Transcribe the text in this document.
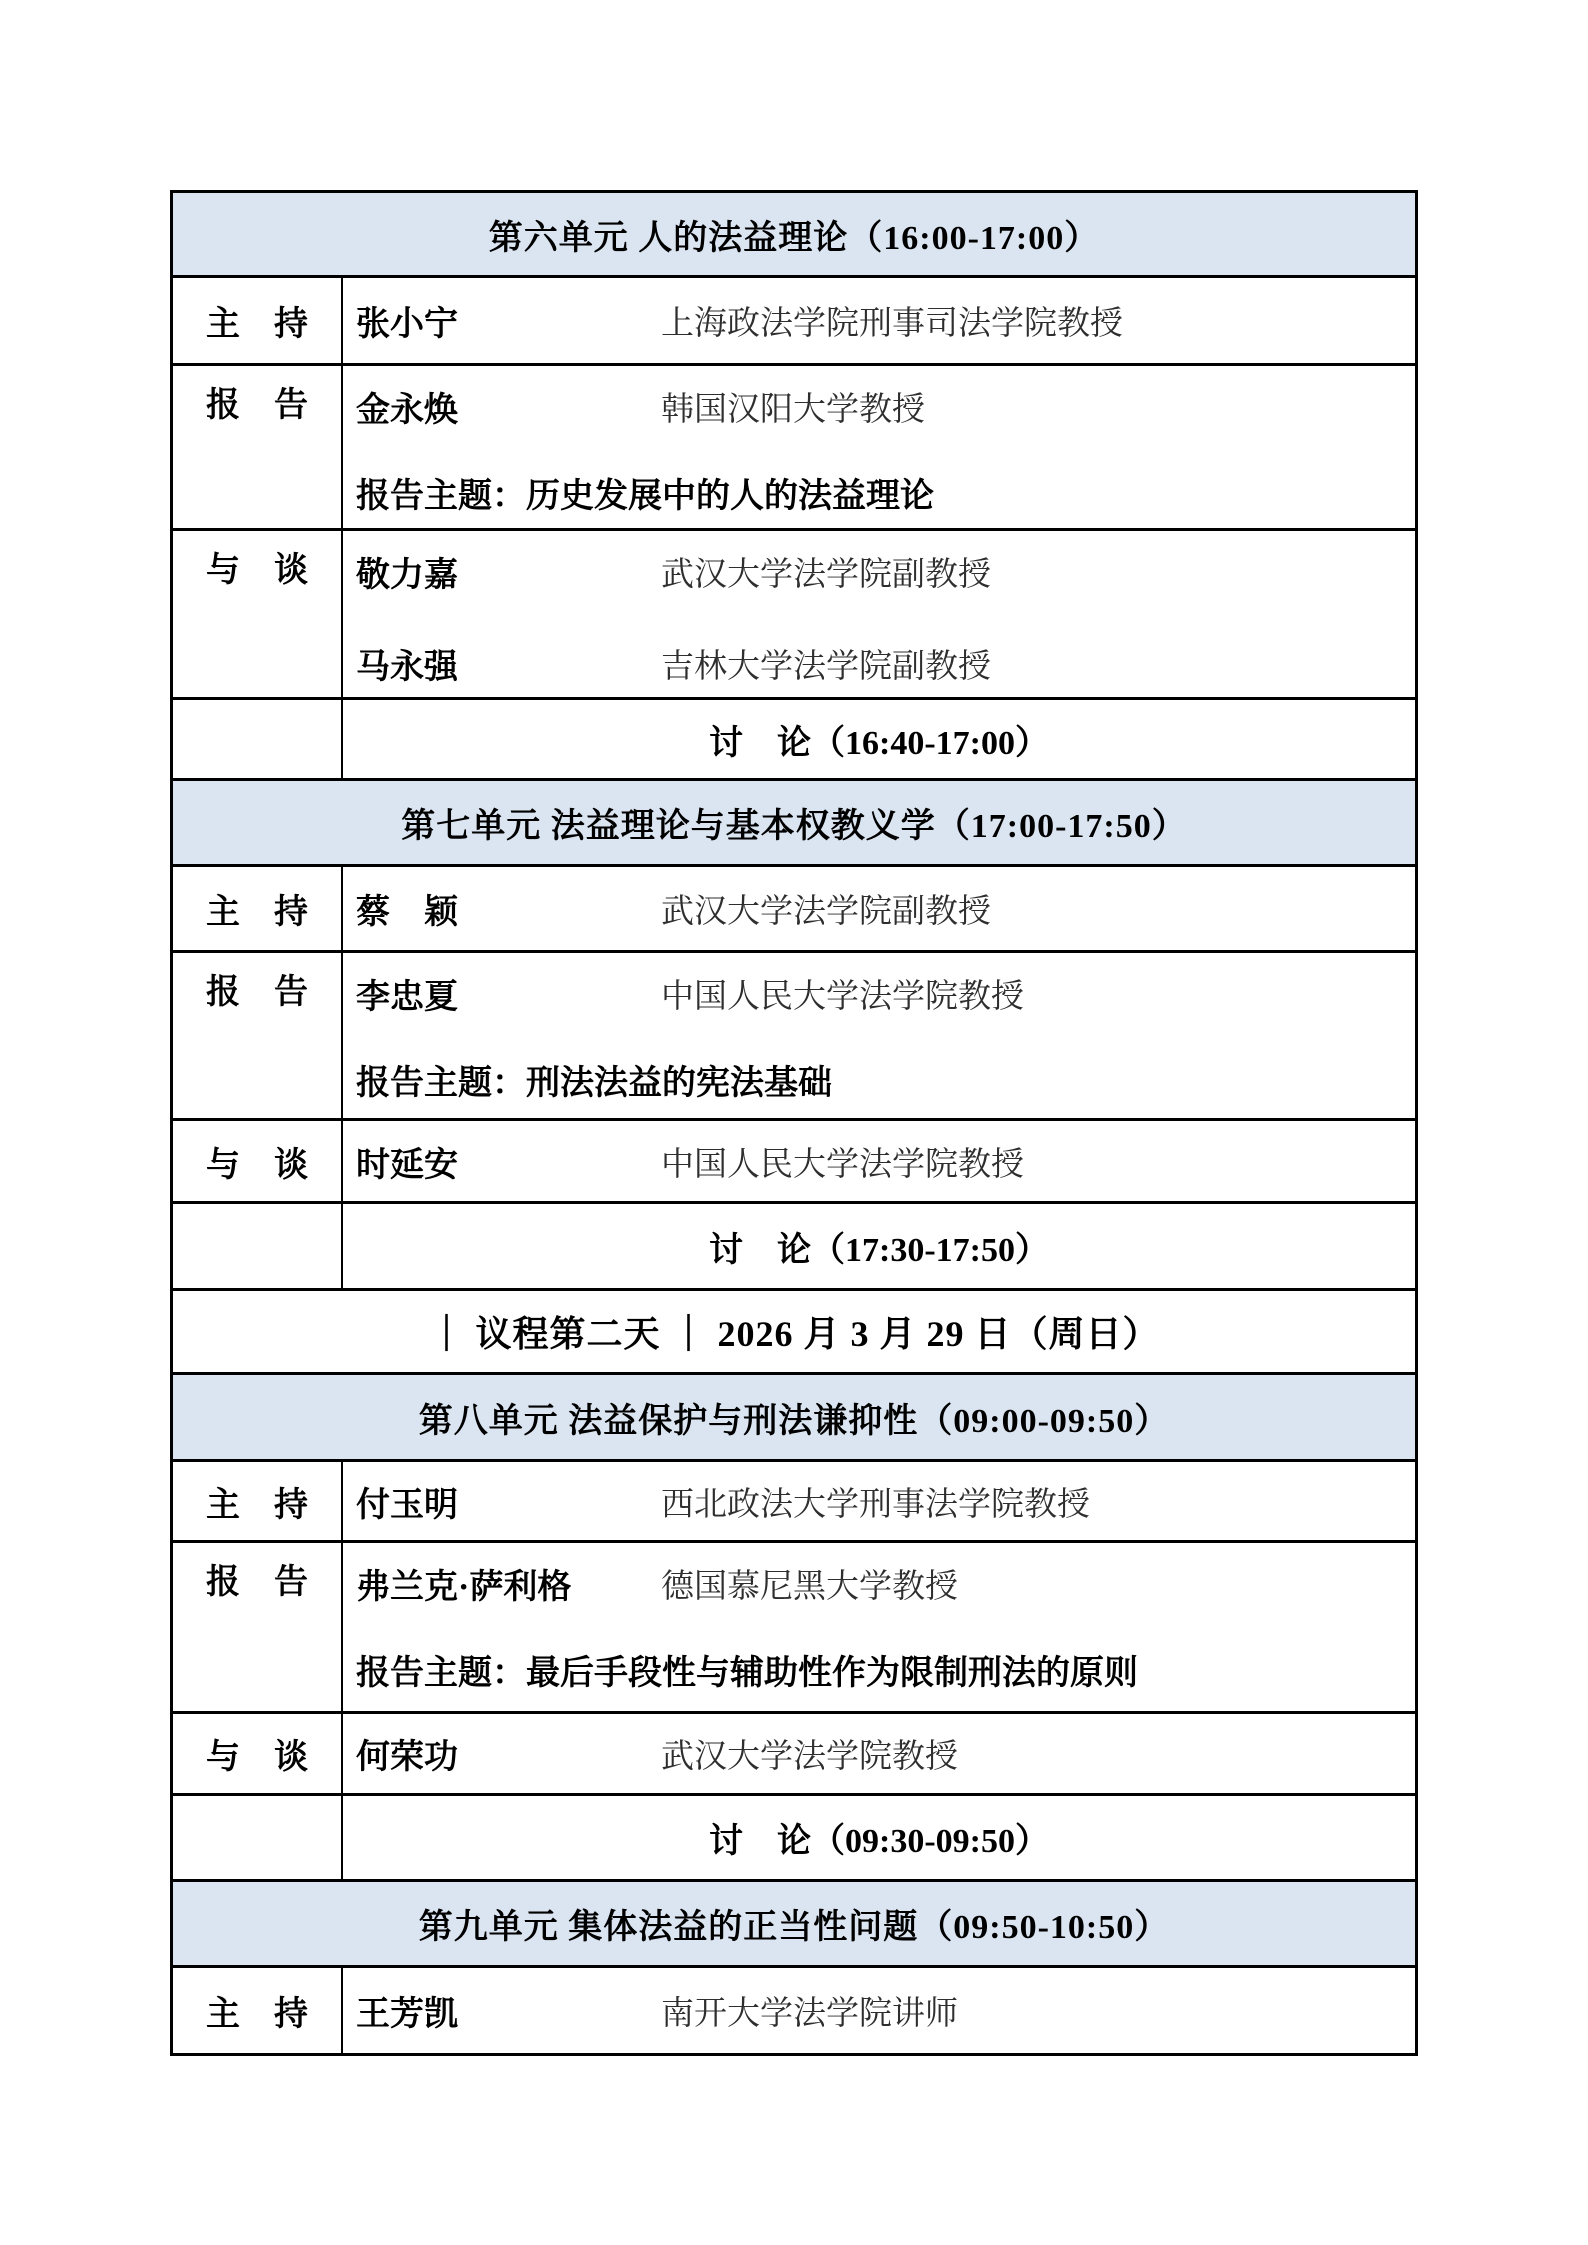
第六单元 人的法益理论（16:00-17:00）
主　持 张小宁	上海政法学院刑事司法学院教授
报　告 金永焕	韩国汉阳大学教授
报告主题：历史发展中的人的法益理论
与　谈 敬力嘉	武汉大学法学院副教授
马永强	吉林大学法学院副教授
讨　论（16:40-17:00）
第七单元 法益理论与基本权教义学（17:00-17:50）
主　持 蔡　颖	武汉大学法学院副教授
报　告 李忠夏	中国人民大学法学院教授
报告主题：刑法法益的宪法基础
与　谈 时延安	中国人民大学法学院教授
讨　论（17:30-17:50）
｜ 议程第二天 ｜ 2026 月 3 月 29 日（周日）
第八单元 法益保护与刑法谦抑性（09:00-09:50）
主　持 付玉明	西北政法大学刑事法学院教授
报　告 弗兰克·萨利格	德国慕尼黑大学教授
报告主题：最后手段性与辅助性作为限制刑法的原则
与　谈 何荣功	武汉大学法学院教授
讨　论（09:30-09:50）
第九单元 集体法益的正当性问题（09:50-10:50）
主　持 王芳凯	南开大学法学院讲师
